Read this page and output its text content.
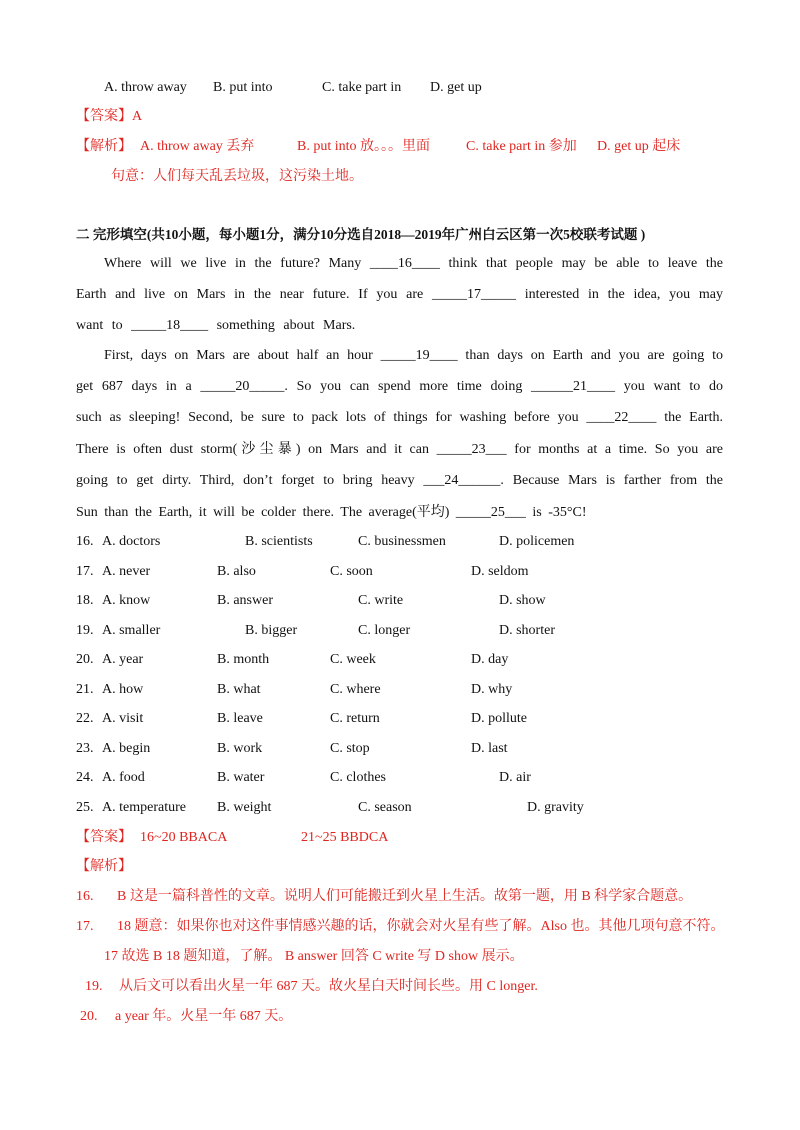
A. throw away B. put into	C. take part in D. get up
【答案】A
【解析】 A. throw away 丢弃	B. put into 放。。。里面	C. take part in 参加 D. get up 起床
句意：人们每天乱丢垃圾，这污染土地。
二 完形填空(共10小题，每小题1分，满分10分选自2018—2019年广州白云区第一次5校联考试题 )
Where will we live in the future? Many ____16____ think that people may be able to leave the
Earth and live on Mars in the near future. If you are _____17_____ interested in the idea, you may
want to _____18____ something about Mars.
First, days on Mars are about half an hour _____19____ than days on Earth and you are going to
get 687 days in a _____20_____. So you can spend more time doing ______21____ you want to do
such as sleeping! Second, be sure to pack lots of things for washing before you ____22____ the Earth.
There is often dust storm(沙尘暴) on Mars and it can _____23___ for months at a time. So you are
going to get dirty. Third, don’t forget to bring heavy ___24______. Because Mars is farther from the
Sun than the Earth, it will be colder there. The average(平均) _____25___ is -35°C!
16. A. doctors	B. scientists	C. businessmen	D. policemen
17. A. never	B. also	C. soon	D. seldom
18. A. know	B. answer	C. write	D. show
19. A. smaller	B. bigger	C. longer	D. shorter
20. A. year	B. month	C. week	D. day
21. A. how	B. what	C. where	D. why
22. A. visit	B. leave	C. return	D. pollute
23. A. begin	B. work	C. stop	D. last
24. A. food	B. water	C. clothes	D. air
25. A. temperature B. weight	C. season	D. gravity
【答案】 16~20 BBACA	21~25 BBDCA
【解析】
16. B 这是一篇科普性的文章。说明人们可能搬迁到火星上生活。故第一题，用 B 科学家合题意。
17. 18 题意：如果你也对这件事情感兴趣的话，你就会对火星有些了解。Also 也。其他几项句意不符。
17 故选 B 18 题知道，了解。 B answer 回答 C write 写 D show 展示。
19. 从后文可以看出火星一年 687 天。故火星白天时间长些。用 C longer.
20. a year 年。火星一年 687 天。
